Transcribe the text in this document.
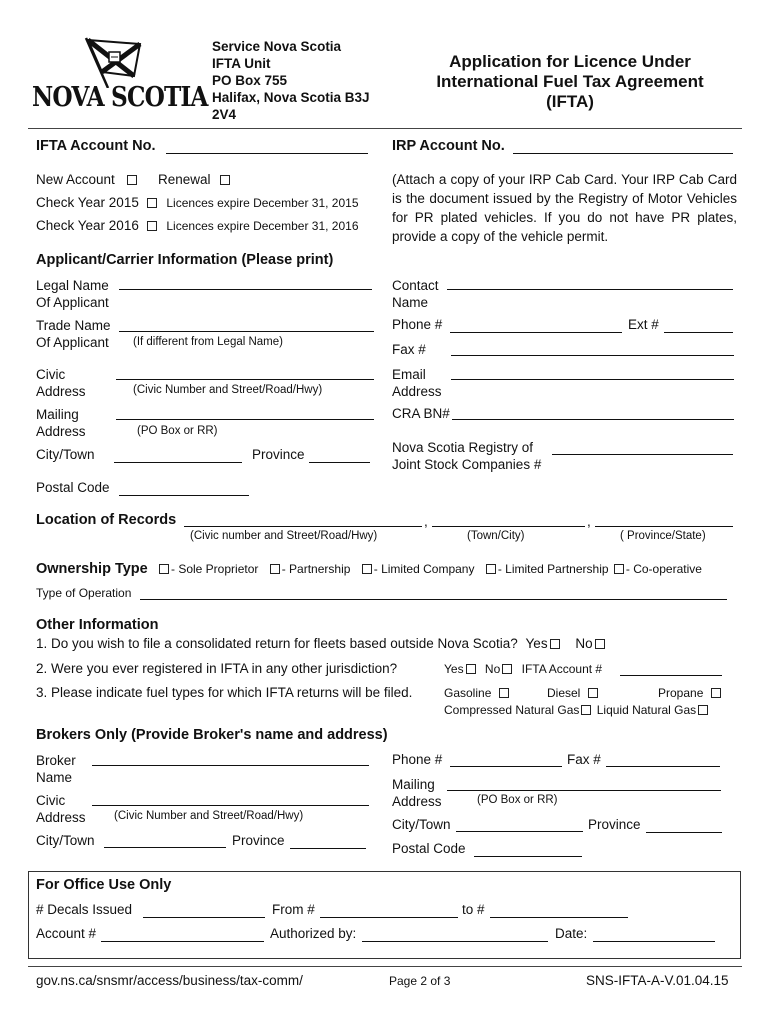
NOVA SCOTIA
Service Nova Scotia
IFTA Unit
PO Box 755
Halifax, Nova Scotia B3J
2V4
Application for Licence Under
International Fuel Tax Agreement
(IFTA)
IFTA Account No.	IRP Account No.
New Account	Renewal
Check Year 2015 Licences expire December 31, 2015
Check Year 2016 Licences expire December 31, 2016
(Attach a copy of your IRP Cab Card. Your IRP Cab Card is the document issued by the Registry of Motor Vehicles for PR plated vehicles. If you do not have PR plates, provide a copy of the vehicle permit.
Applicant/Carrier Information (Please print)
Legal Name
Of Applicant
Trade Name
Of Applicant (If different from Legal Name)
Civic
Address	(Civic Number and Street/Road/Hwy)
Mailing
Address	(PO Box or RR)
City/Town	Province
Postal Code
Contact
Name
Phone #	Ext #
Fax #
Email
Address
CRA BN#
Nova Scotia Registry of
Joint Stock Companies #
Location of Records	,	,
(Civic number and Street/Road/Hwy)	(Town/City)	( Province/State)
Ownership Type	- Sole Proprietor - Partnership - Limited Company - Limited Partnership - Co-operative
Type of Operation
Other Information
1. Do you wish to file a consolidated return for fleets based outside Nova Scotia? Yes No
2. Were you ever registered in IFTA in any other jurisdiction?	Yes No IFTA Account #
3. Please indicate fuel types for which IFTA returns will be filed.	Gasoline	Diesel	Propane
Compressed Natural Gas Liquid Natural Gas
Brokers Only (Provide Broker's name and address)
Broker
Name
Civic
Address (Civic Number and Street/Road/Hwy)
City/Town	Province
Phone #	Fax #
Mailing
Address	(PO Box or RR)
City/Town	Province
Postal Code
For Office Use Only
# Decals Issued	From #	to #
Account #	Authorized by:	Date:
gov.ns.ca/snsmr/access/business/tax-comm/	Page 2 of 3	SNS-IFTA-A-V.01.04.15
